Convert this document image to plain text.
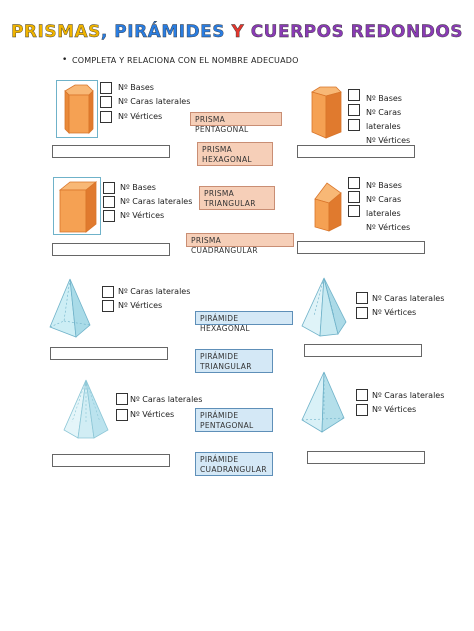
PRISMAS, PIRÁMIDES Y CUERPOS REDONDOS
• COMPLETA Y RELACIONA CON EL NOMBRE ADECUADO
Nº Bases
Nº Caras laterales
Nº Vértices	PRISMA PENTAGONAL
PRISMA
HEXAGONAL
Nº Bases
Nº Caras
laterales
Nº Vértices
Nº Bases
Nº Caras laterales
Nº Vértices
PRISMA
TRIANGULAR
PRISMA CUADRANGULAR
Nº Bases
Nº Caras
laterales
Nº Vértices
Nº Caras laterales
Nº Vértices
PIRÁMIDE HEXAGONAL
PIRÁMIDE
TRIANGULAR
Nº Caras laterales
Nº Vértices
Nº Caras laterales
Nº Vértices	PIRÁMIDE
PENTAGONAL
PIRÁMIDE
CUADRANGULAR
Nº Caras laterales
Nº Vértices
